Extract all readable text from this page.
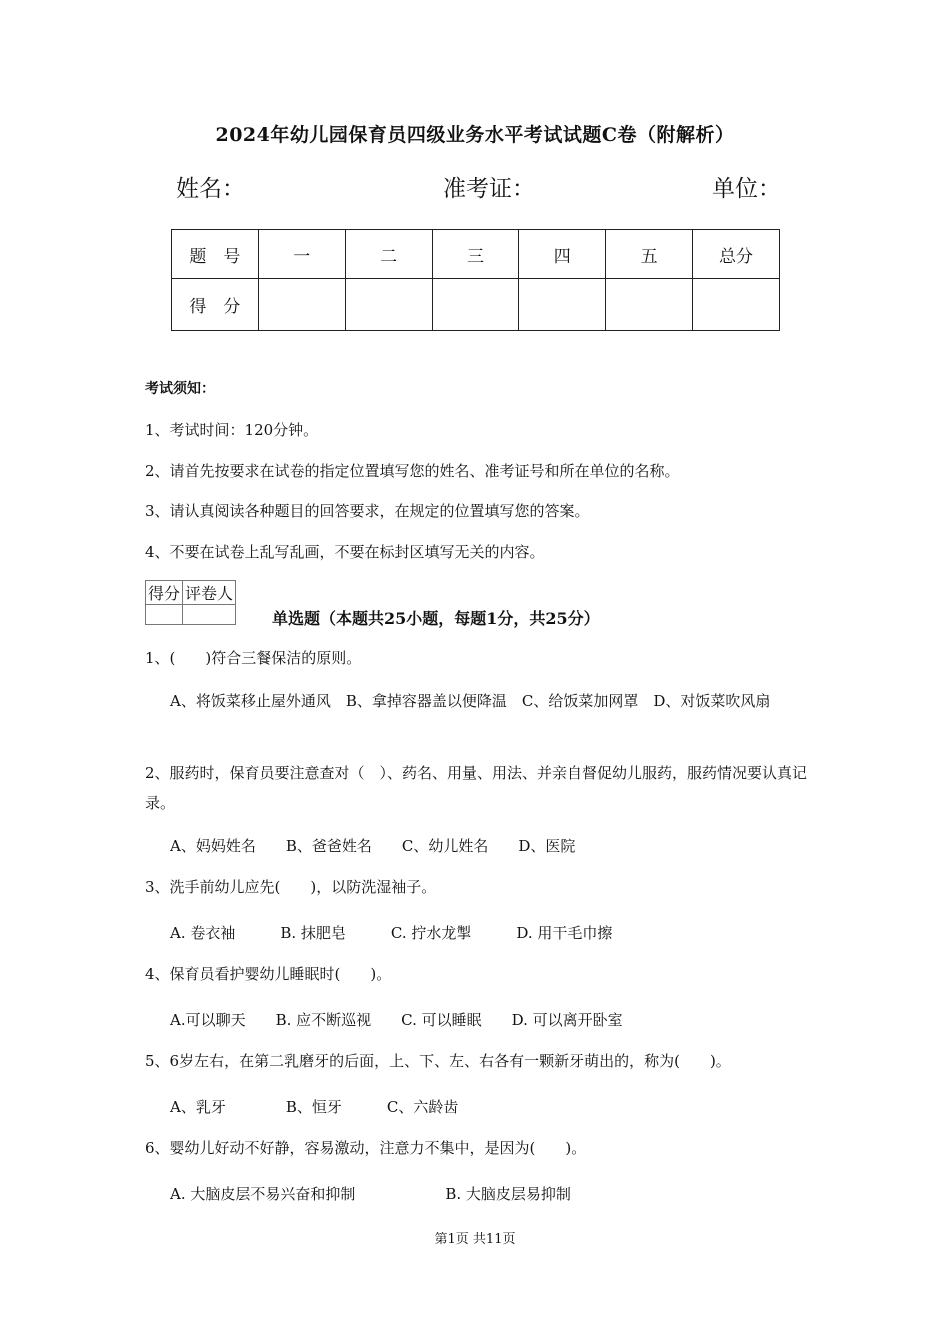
2024年幼儿园保育员四级业务水平考试试题C卷（附解析）
姓名：	准考证：	单位：
题　号	一	二	三	四	五	总分
得　分						
考试须知：
1、考试时间：120分钟。
2、请首先按要求在试卷的指定位置填写您的姓名、准考证号和所在单位的名称。
3、请认真阅读各种题目的回答要求，在规定的位置填写您的答案。
4、不要在试卷上乱写乱画，不要在标封区填写无关的内容。
得分	评卷人

单选题（本题共25小题，每题1分，共25分）
1、(　　)符合三餐保洁的原则。
A、将饭菜移止屋外通风　B、拿掉容器盖以便降温　C、给饭菜加网罩　D、对饭菜吹风扇
2、服药时，保育员要注意查对（　）、药名、用量、用法、并亲自督促幼儿服药，服药情况要认真记录。
A、妈妈姓名　　B、爸爸姓名　　C、幼儿姓名　　D、医院
3、洗手前幼儿应先(　　)，以防洗湿袖子。
A. 卷衣袖　　　B. 抹肥皂　　　C. 拧水龙掣　　　D. 用干毛巾擦
4、保育员看护婴幼儿睡眠时(　　)。
A.可以聊天　　B. 应不断巡视　　C. 可以睡眠　　D. 可以离开卧室
5、6岁左右，在第二乳磨牙的后面，上、下、左、右各有一颗新牙萌出的，称为(　　)。
A、乳牙　　　　B、恒牙　　　C、六龄齿
6、婴幼儿好动不好静，容易激动，注意力不集中，是因为(　　)。
A. 大脑皮层不易兴奋和抑制　　　　　　B. 大脑皮层易抑制
第1页 共11页
